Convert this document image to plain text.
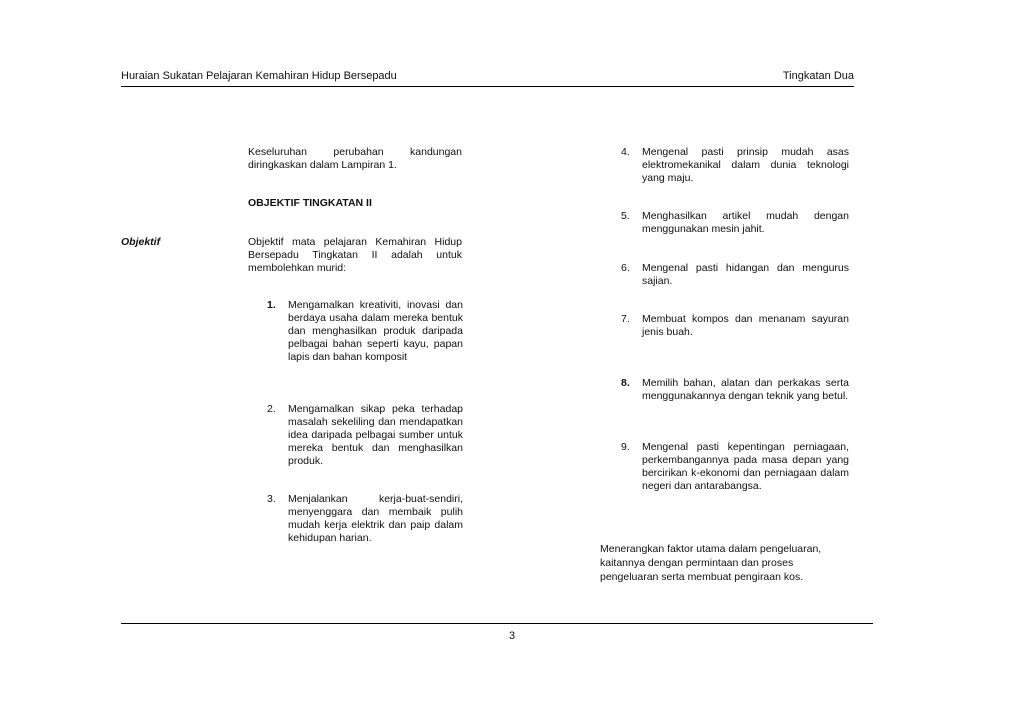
Huraian Sukatan Pelajaran Kemahiran Hidup Bersepadu	Tingkatan Dua

Keseluruhan perubahan kandungan diringkaskan dalam Lampiran 1.

OBJEKTIF TINGKATAN II
Objektif	Objektif mata pelajaran Kemahiran Hidup Bersepadu Tingkatan II adalah untuk membolehkan murid:

1.	Mengamalkan kreativiti, inovasi dan berdaya usaha dalam mereka bentuk dan menghasilkan produk daripada pelbagai bahan seperti kayu, papan lapis dan bahan komposit
2.	Mengamalkan sikap peka terhadap masalah sekeliling dan mendapatkan idea daripada pelbagai sumber untuk mereka bentuk dan menghasilkan produk.
3.	Menjalankan kerja-buat-sendiri, menyenggara dan membaik pulih mudah kerja elektrik dan paip dalam kehidupan harian.
4.	Mengenal pasti prinsip mudah asas elektromekanikal dalam dunia teknologi yang maju.
5.	Menghasilkan artikel mudah dengan menggunakan mesin jahit.
6.	Mengenal pasti hidangan dan mengurus sajian.
7.	Membuat kompos dan menanam sayuran jenis buah.
8.	Memilih bahan, alatan dan perkakas serta menggunakannya dengan teknik yang betul.
9.	Mengenal pasti kepentingan perniagaan, perkembangannya pada masa depan yang bercirikan k-ekonomi dan perniagaan dalam negeri dan antarabangsa.

Menerangkan faktor utama dalam pengeluaran, kaitannya dengan permintaan dan proses pengeluaran serta membuat pengiraan kos.

3
